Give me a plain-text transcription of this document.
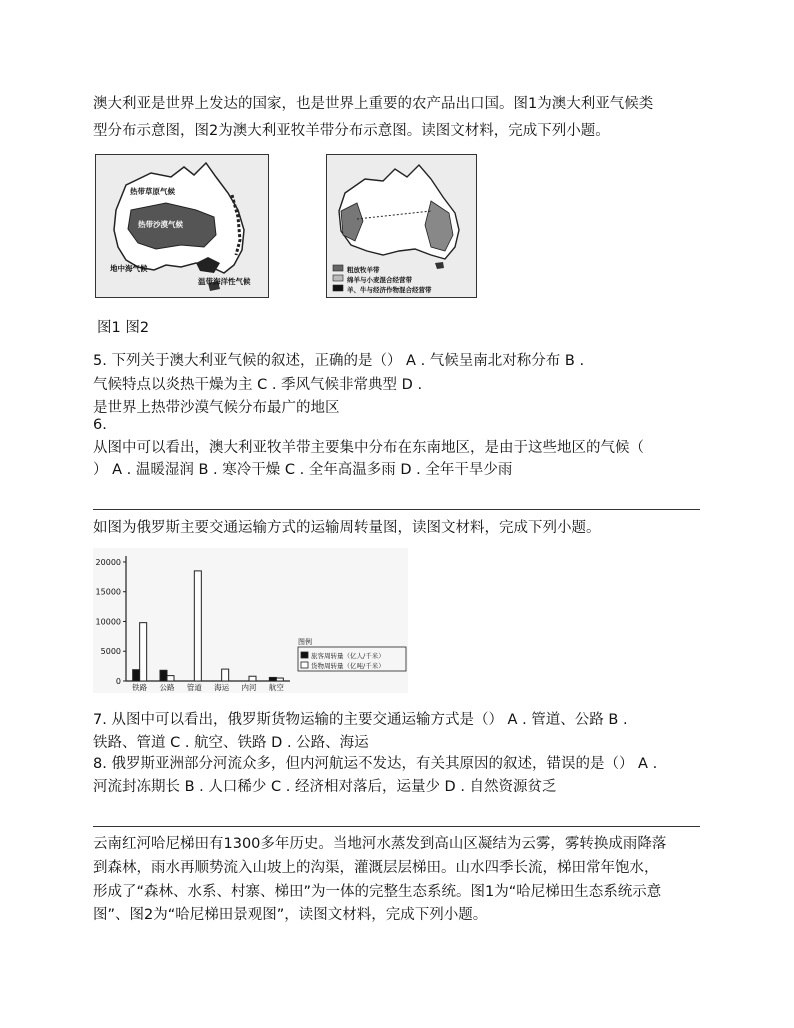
澳大利亚是世界上发达的国家，也是世界上重要的农产品出口国。图1为澳大利亚气候类
型分布示意图，图2为澳大利亚牧羊带分布示意图。读图文材料，完成下列小题。
热带草原气候
热带沙漠气候
地中海气候
温带海洋性气候
粗放牧羊带
绵羊与小麦混合经营带
羊、牛与经济作物混合经营带
图1 图2
5. 下列关于澳大利亚气候的叙述，正确的是（） A . 气候呈南北对称分布 B .
气候特点以炎热干燥为主 C . 季风气候非常典型 D .
是世界上热带沙漠气候分布最广的地区
6.
从图中可以看出，澳大利亚牧羊带主要集中分布在东南地区，是由于这些地区的气候（
） A . 温暖湿润 B . 寒冷干燥 C . 全年高温多雨 D . 全年干旱少雨
如图为俄罗斯主要交通运输方式的运输周转量图，读图文材料，完成下列小题。
0
5000
10000
15000
20000
铁路 公路 管道 海运 内河 航空
图例
旅客周转量（亿人/千米）
货物周转量（亿吨/千米）
7. 从图中可以看出，俄罗斯货物运输的主要交通运输方式是（） A . 管道、公路 B .
铁路、管道 C . 航空、铁路 D . 公路、海运
8. 俄罗斯亚洲部分河流众多，但内河航运不发达，有关其原因的叙述，错误的是（） A .
河流封冻期长 B . 人口稀少 C . 经济相对落后，运量少 D . 自然资源贫乏
云南红河哈尼梯田有1300多年历史。当地河水蒸发到高山区凝结为云雾，雾转换成雨降落
到森林，雨水再顺势流入山坡上的沟渠，灌溉层层梯田。山水四季长流，梯田常年饱水，
形成了“森林、水系、村寨、梯田”为一体的完整生态系统。图1为“哈尼梯田生态系统示意
图”、图2为“哈尼梯田景观图”，读图文材料，完成下列小题。
